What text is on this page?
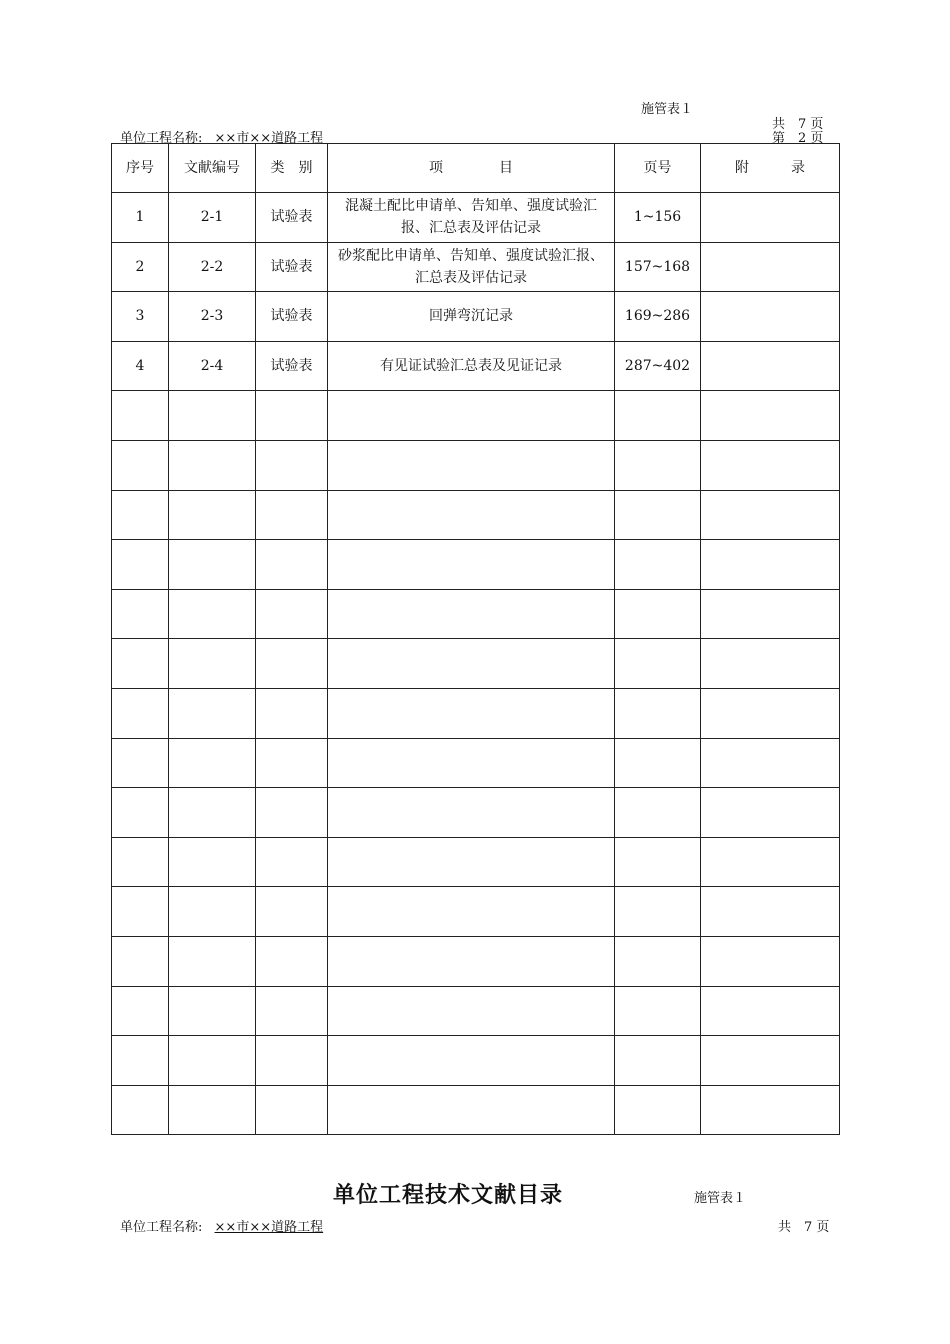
施管表１
共　7 页
第　2 页
单位工程名称: ××市××道路工程
序号	文献编号	类　别	项　　　　目	页号	附　　　录
1	2-1	试验表	混凝土配比申请单、告知单、强度试验汇报、汇总表及评估记录	1~156	
2	2-2	试验表	砂浆配比申请单、告知单、强度试验汇报、汇总表及评估记录	157~168	
3	2-3	试验表	回弹弯沉记录	169~286	
4	2-4	试验表	有见证试验汇总表及见证记录	287~402	

单位工程技术文献目录	施管表１
单位工程名称: ××市××道路工程	共　7 页
